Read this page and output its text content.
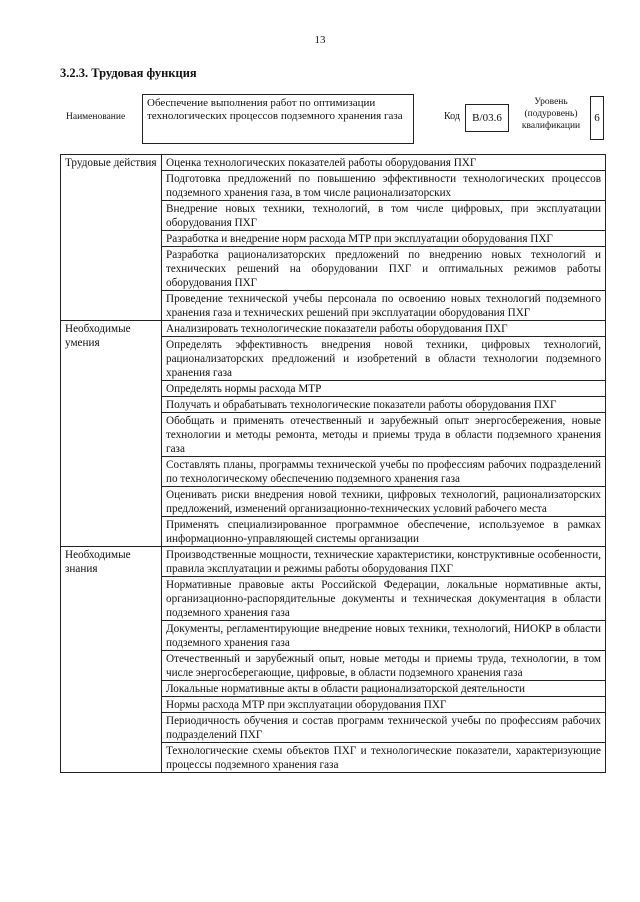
13
3.2.3. Трудовая функция
Наименование
Обеспечение выполнения работ по оптимизации технологических процессов подземного хранения газа	Код	B/03.6
Уровень (подуровень) квалификации
6
Трудовые действия	Оценка технологических показателей работы оборудования ПХГ
	Подготовка предложений по повышению эффективности технологических процессов подземного хранения газа, в том числе рационализаторских
	Внедрение новых техники, технологий, в том числе цифровых, при эксплуатации оборудования ПХГ
	Разработка и внедрение норм расхода МТР при эксплуатации оборудования ПХГ
	Разработка рационализаторских предложений по внедрению новых технологий и технических решений на оборудовании ПХГ и оптимальных режимов работы оборудования ПХГ
	Проведение технической учебы персонала по освоению новых технологий подземного хранения газа и технических решений при эксплуатации оборудования ПХГ
Необходимые умения	Анализировать технологические показатели работы оборудования ПХГ
	Определять эффективность внедрения новой техники, цифровых технологий, рационализаторских предложений и изобретений в области технологии подземного хранения газа
	Определять нормы расхода МТР
	Получать и обрабатывать технологические показатели работы оборудования ПХГ
	Обобщать и применять отечественный и зарубежный опыт энергосбережения, новые технологии и методы ремонта, методы и приемы труда в области подземного хранения газа
	Составлять планы, программы технической учебы по профессиям рабочих подразделений по технологическому обеспечению подземного хранения газа
	Оценивать риски внедрения новой техники, цифровых технологий, рационализаторских предложений, изменений организационно-технических условий рабочего места
	Применять специализированное программное обеспечение, используемое в рамках информационно-управляющей системы организации
Необходимые знания	Производственные мощности, технические характеристики, конструктивные особенности, правила эксплуатации и режимы работы оборудования ПХГ
	Нормативные правовые акты Российской Федерации, локальные нормативные акты, организационно-распорядительные документы и техническая документация в области подземного хранения газа
	Документы, регламентирующие внедрение новых техники, технологий, НИОКР в области подземного хранения газа
	Отечественный и зарубежный опыт, новые методы и приемы труда, технологии, в том числе энергосберегающие, цифровые, в области подземного хранения газа
	Локальные нормативные акты в области рационализаторской деятельности
	Нормы расхода МТР при эксплуатации оборудования ПХГ
	Периодичность обучения и состав программ технической учебы по профессиям рабочих подразделений ПХГ
	Технологические схемы объектов ПХГ и технологические показатели, характеризующие процессы подземного хранения газа
